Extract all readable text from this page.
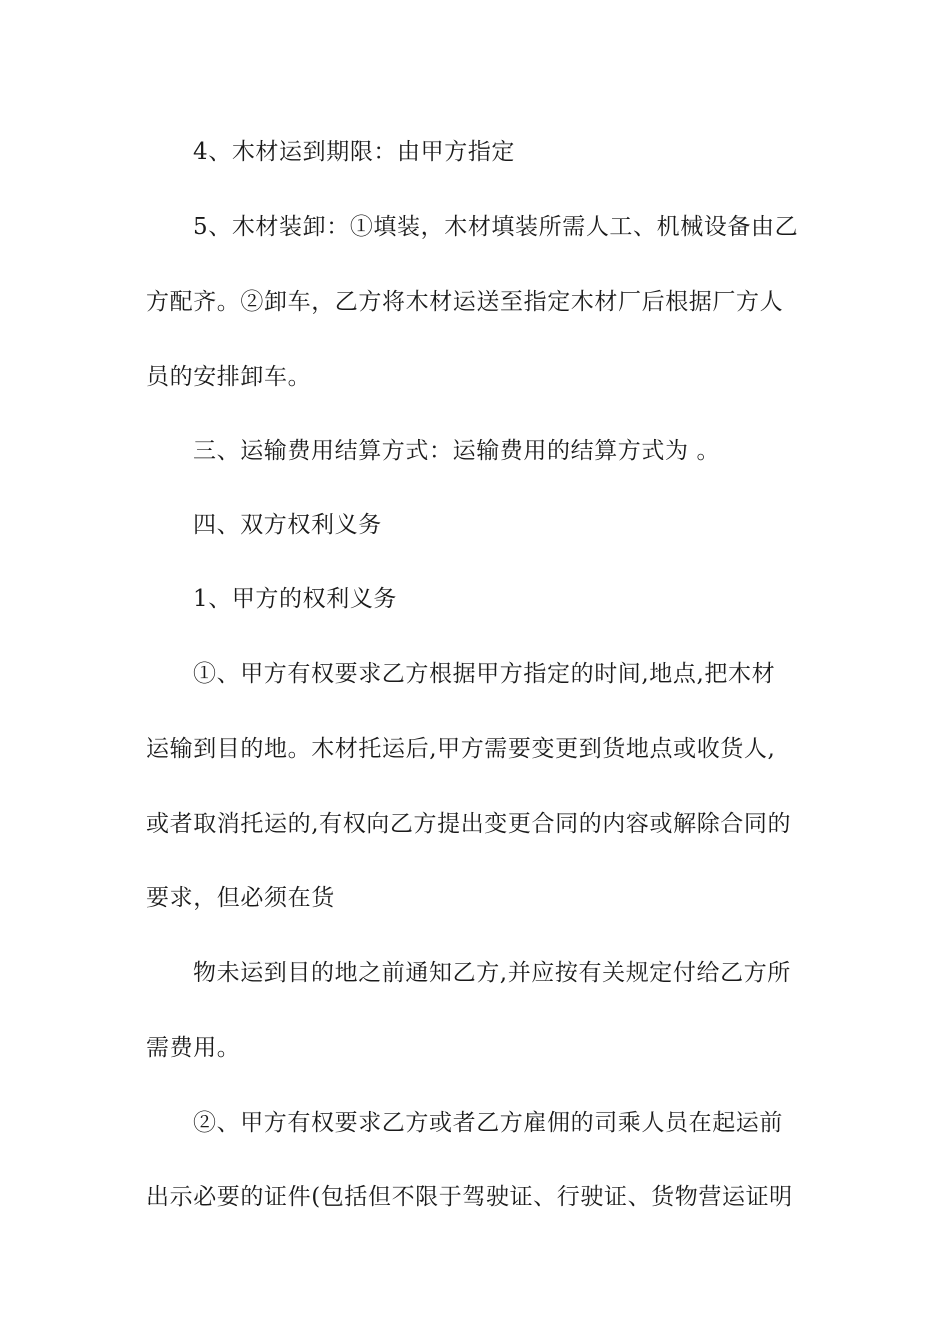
4、木材运到期限：由甲方指定
5、木材装卸：①填装，木材填装所需人工、机械设备由乙
方配齐。②卸车，乙方将木材运送至指定木材厂后根据厂方人
员的安排卸车。
三、运输费用结算方式：运输费用的结算方式为 。
四、双方权利义务
1、甲方的权利义务
①、甲方有权要求乙方根据甲方指定的时间,地点,把木材
运输到目的地。木材托运后,甲方需要变更到货地点或收货人,
或者取消托运的,有权向乙方提出变更合同的内容或解除合同的
要求，但必须在货
物未运到目的地之前通知乙方,并应按有关规定付给乙方所
需费用。
②、甲方有权要求乙方或者乙方雇佣的司乘人员在起运前
出示必要的证件(包括但不限于驾驶证、行驶证、货物营运证明
